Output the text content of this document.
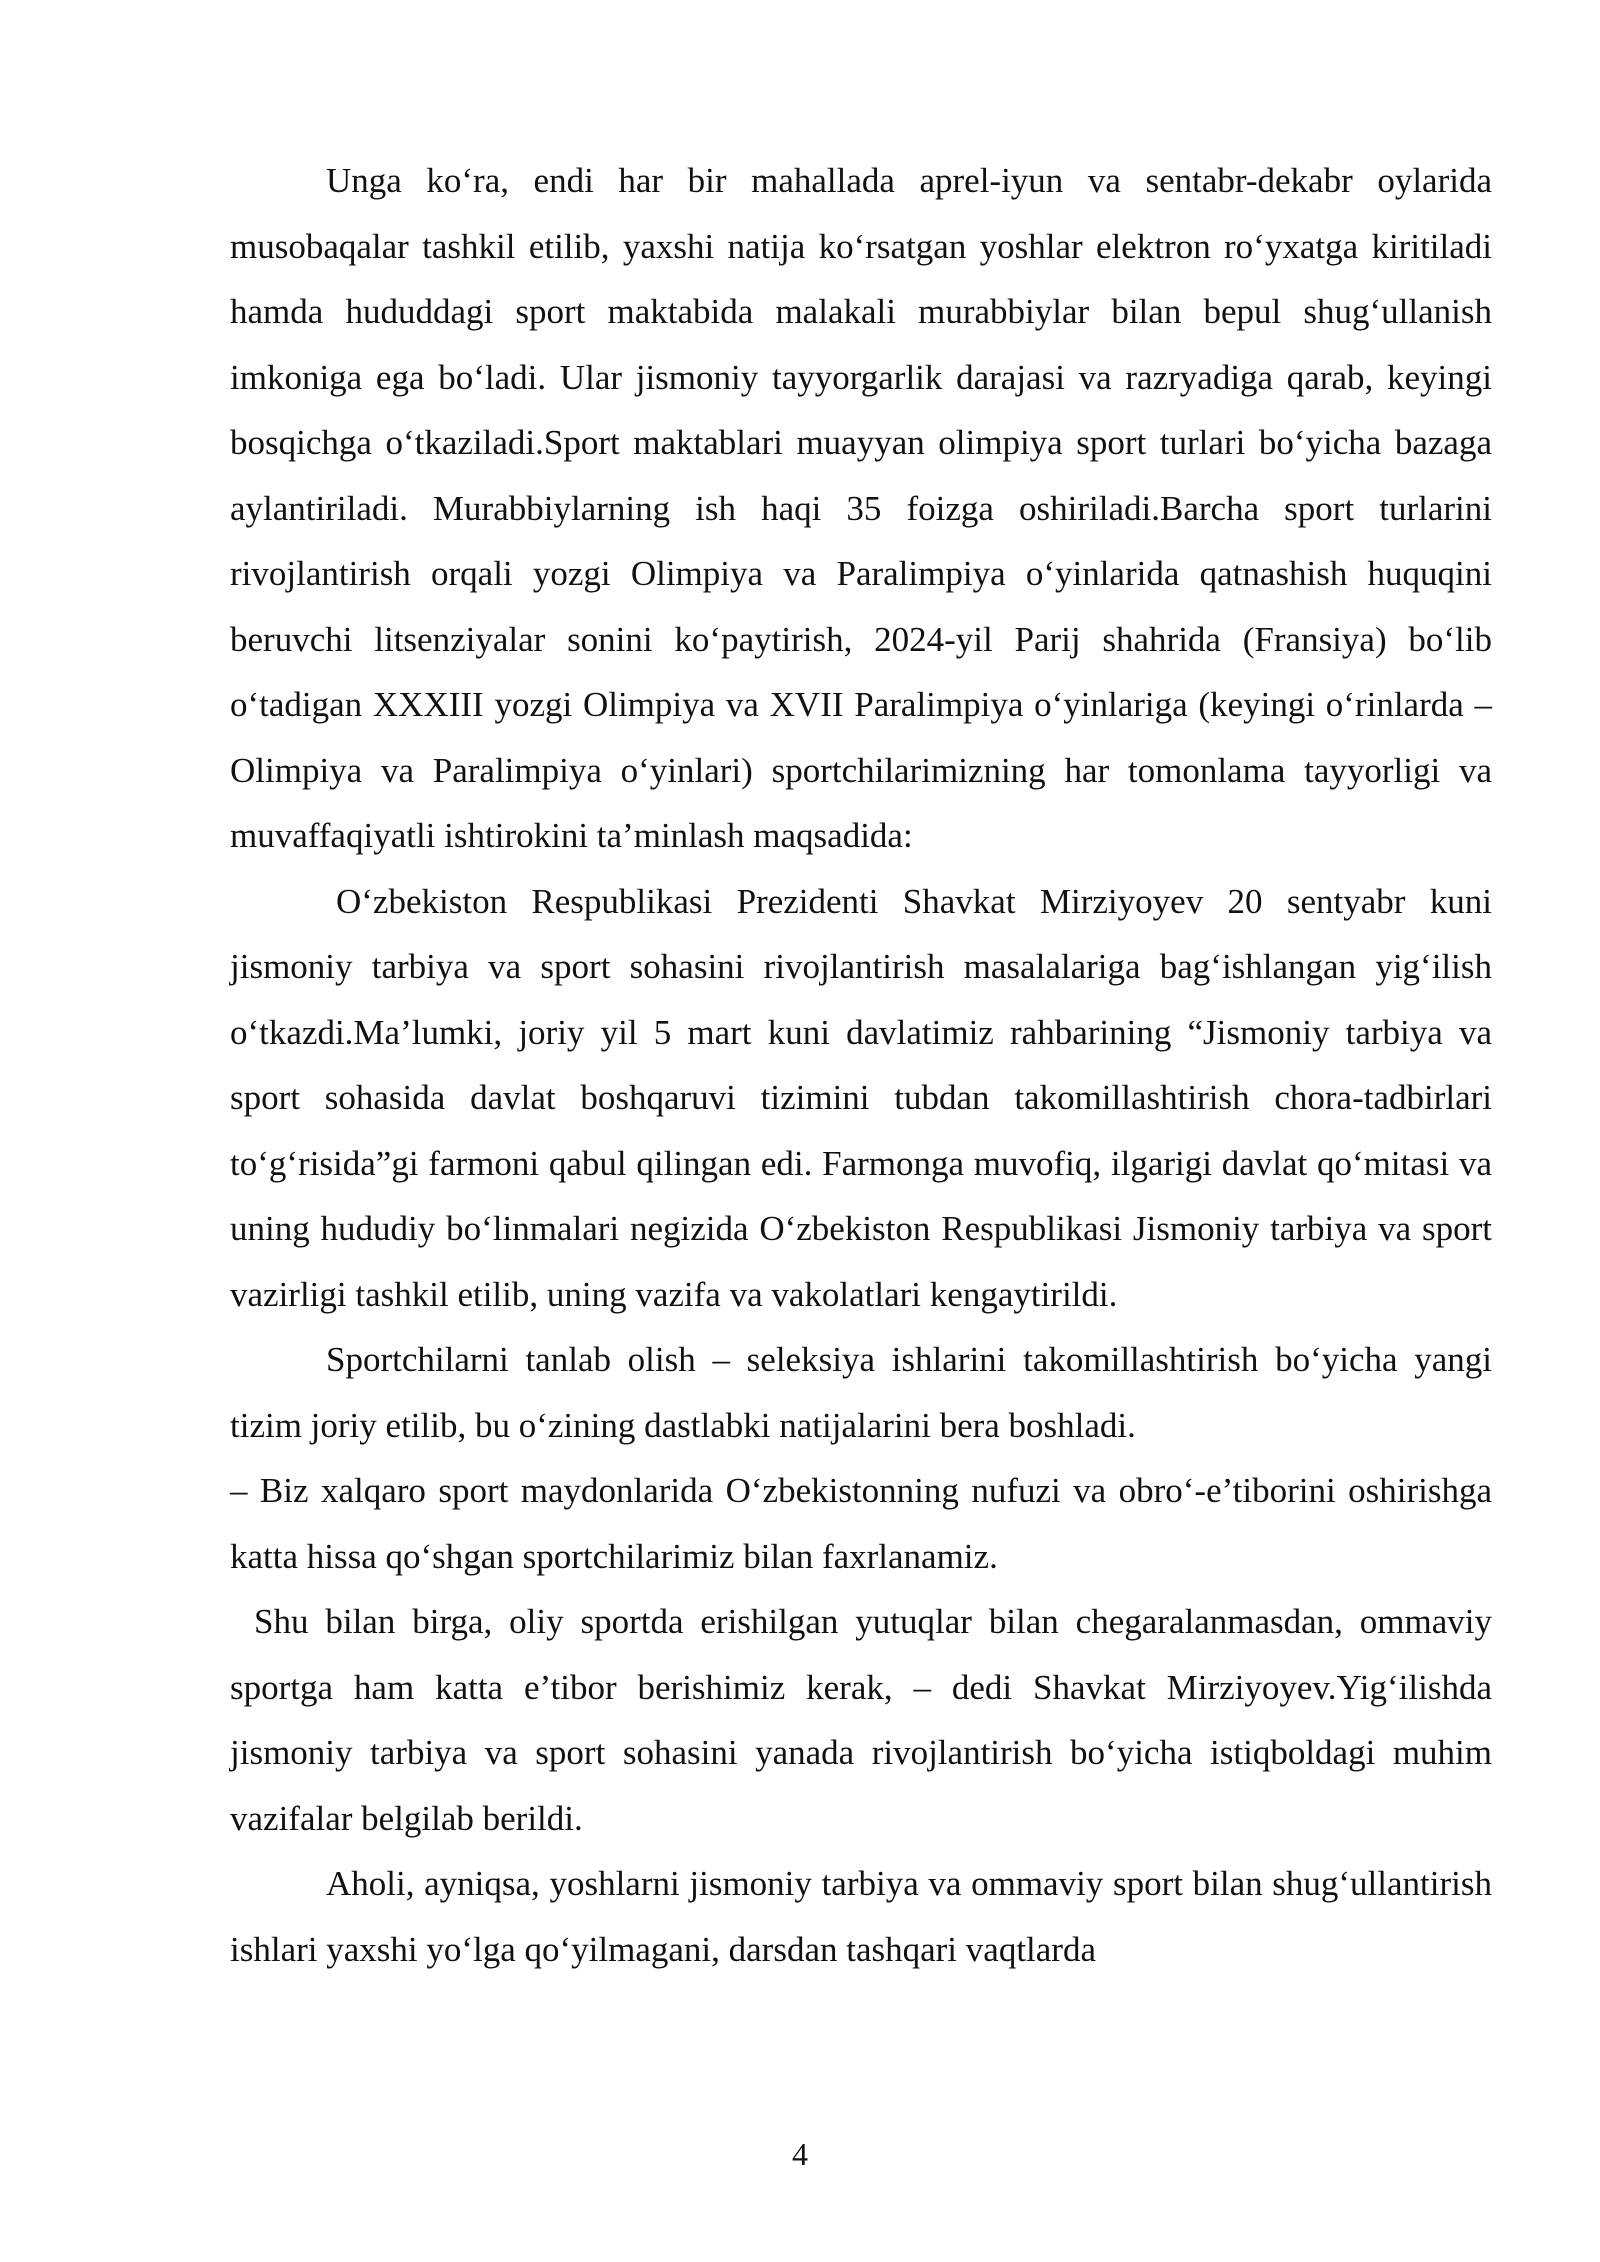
Unga ko‘ra, endi har bir mahallada aprel-iyun va sentabr-dekabr oylarida musobaqalar tashkil etilib, yaxshi natija ko‘rsatgan yoshlar elektron ro‘yxatga kiritiladi hamda hududdagi sport maktabida malakali murabbiylar bilan bepul shug‘ullanish imkoniga ega bo‘ladi. Ular jismoniy tayyorgarlik darajasi va razryadiga qarab, keyingi bosqichga o‘tkaziladi.Sport maktablari muayyan olimpiya sport turlari bo‘yicha bazaga aylantiriladi. Murabbiylarning ish haqi 35 foizga oshiriladi.Barcha sport turlarini rivojlantirish orqali yozgi Olimpiya va Paralimpiya o‘yinlarida qatnashish huquqini beruvchi litsenziyalar sonini ko‘paytirish, 2024-yil Parij shahrida (Fransiya) bo‘lib o‘tadigan XXXIII yozgi Olimpiya va XVII Paralimpiya o‘yinlariga (keyingi o‘rinlarda – Olimpiya va Paralimpiya o‘yinlari) sportchilarimizning har tomonlama tayyorligi va muvaffaqiyatli ishtirokini ta’minlash maqsadida:

O‘zbekiston Respublikasi Prezidenti Shavkat Mirziyoyev 20 sentyabr kuni jismoniy tarbiya va sport sohasini rivojlantirish masalalariga bag‘ishlangan yig‘ilish o‘tkazdi.Ma’lumki, joriy yil 5 mart kuni davlatimiz rahbarining “Jismoniy tarbiya va sport sohasida davlat boshqaruvi tizimini tubdan takomillashtirish chora-tadbirlari to‘g‘risida”gi farmoni qabul qilingan edi. Farmonga muvofiq, ilgarigi davlat qo‘mitasi va uning hududiy bo‘linmalari negizida O‘zbekiston Respublikasi Jismoniy tarbiya va sport vazirligi tashkil etilib, uning vazifa va vakolatlari kengaytirildi.

Sportchilarni tanlab olish – seleksiya ishlarini takomillashtirish bo‘yicha yangi tizim joriy etilib, bu o‘zining dastlabki natijalarini bera boshladi.

– Biz xalqaro sport maydonlarida O‘zbekistonning nufuzi va obro‘-e’tiborini oshirishga katta hissa qo‘shgan sportchilarimiz bilan faxrlanamiz.

Shu bilan birga, oliy sportda erishilgan yutuqlar bilan chegaralanmasdan, ommaviy sportga ham katta e’tibor berishimiz kerak, – dedi Shavkat Mirziyoyev.Yig‘ilishda jismoniy tarbiya va sport sohasini yanada rivojlantirish bo‘yicha istiqboldagi muhim vazifalar belgilab berildi.

Aholi, ayniqsa, yoshlarni jismoniy tarbiya va ommaviy sport bilan shug‘ullantirish ishlari yaxshi yo‘lga qo‘yilmagani, darsdan tashqari vaqtlarda

4
